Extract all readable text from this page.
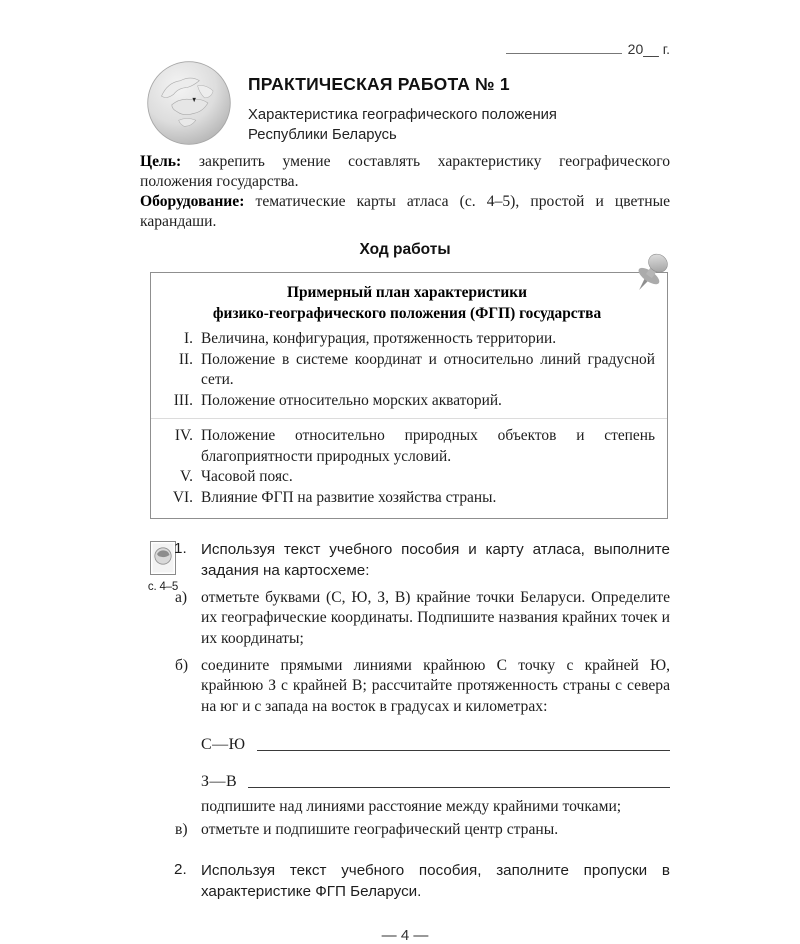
20__ г.
ПРАКТИЧЕСКАЯ РАБОТА № 1
Характеристика географического положения
Республики Беларусь
Цель: закрепить умение составлять характеристику географического положения государства.
Оборудование: тематические карты атласа (с. 4–5), простой и цветные карандаши.
Ход работы
Примерный план характеристики
физико-географического положения (ФГП) государства
I. Величина, конфигурация, протяженность территории.
II. Положение в системе координат и относительно линий градусной сети.
III. Положение относительно морских акваторий.
IV. Положение относительно природных объектов и степень благоприятности природных условий.
V. Часовой пояс.
VI. Влияние ФГП на развитие хозяйства страны.
с. 4–5
1. Используя текст учебного пособия и карту атласа, выполните задания на картосхеме:
а) отметьте буквами (С, Ю, З, В) крайние точки Беларуси. Определите их географические координаты. Подпишите названия крайних точек и их координаты;
б) соедините прямыми линиями крайнюю С точку с крайней Ю, крайнюю З с крайней В; рассчитайте протяженность страны с севера на юг и с запада на восток в градусах и километрах:
С—Ю
З—В
подпишите над линиями расстояние между крайними точками;
в) отметьте и подпишите географический центр страны.
2. Используя текст учебного пособия, заполните пропуски в характеристике ФГП Беларуси.
— 4 —
